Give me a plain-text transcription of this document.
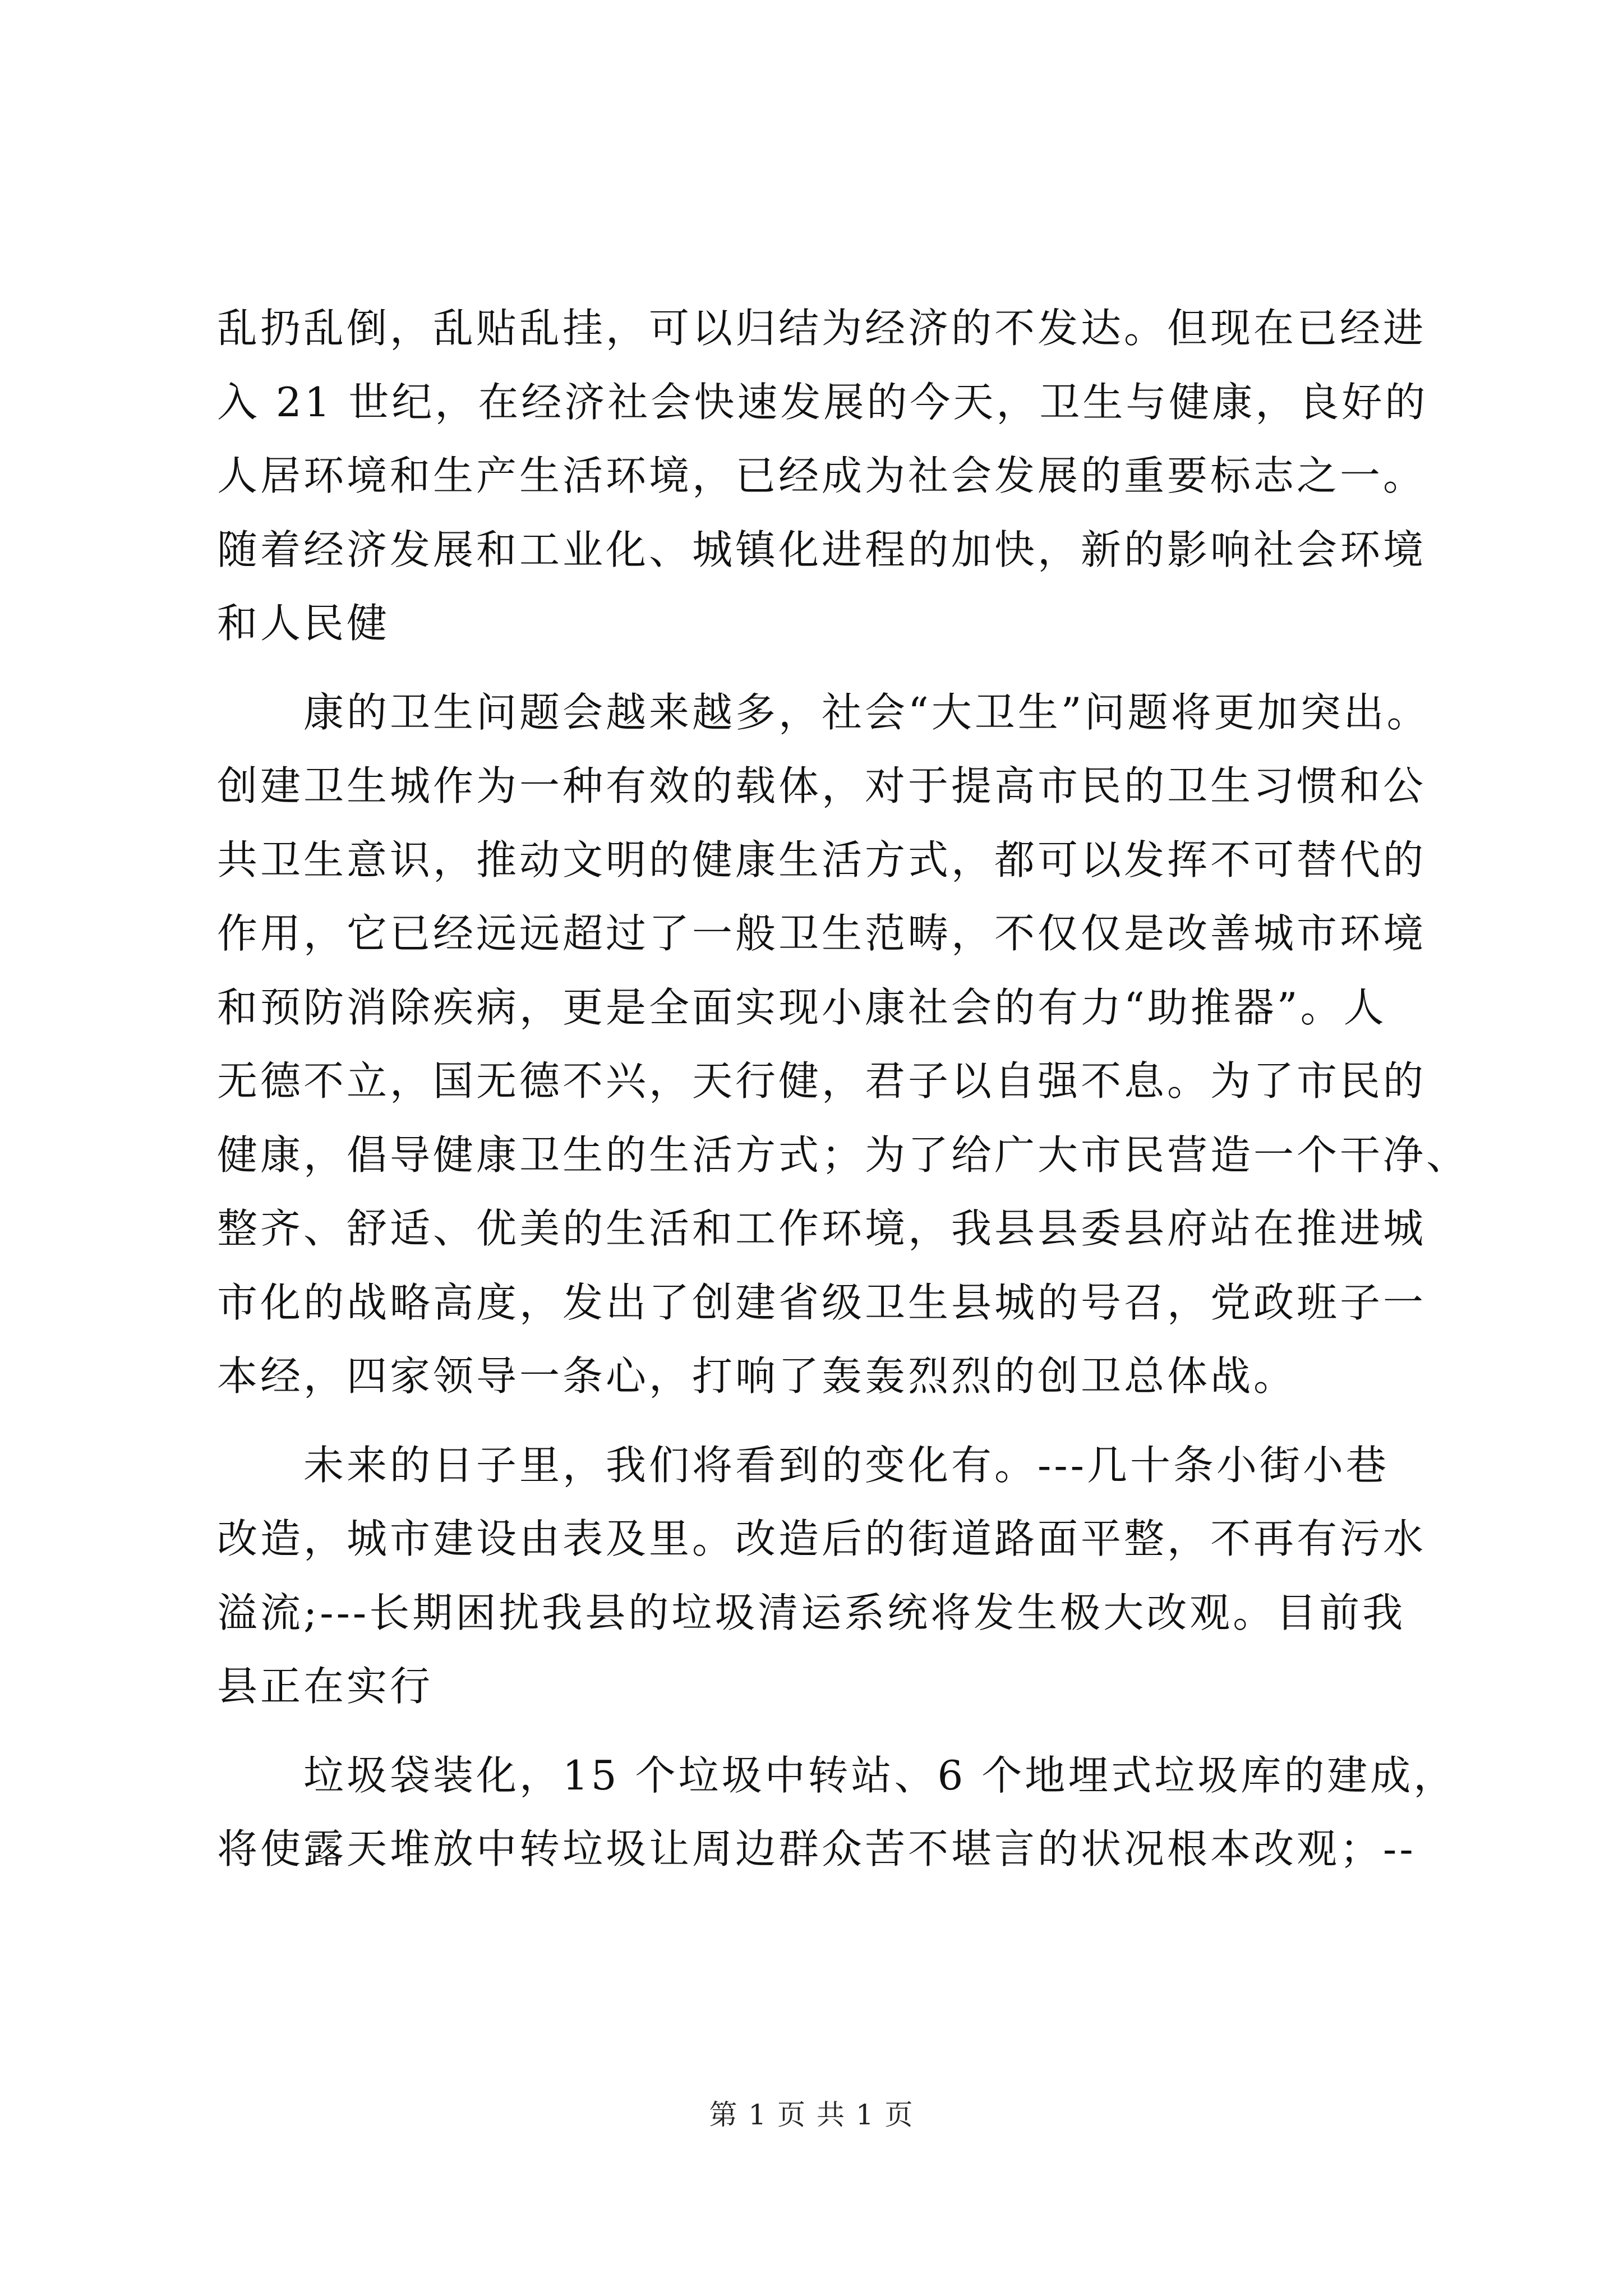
乱扔乱倒，乱贴乱挂，可以归结为经济的不发达。但现在已经进
入 21 世纪，在经济社会快速发展的今天，卫生与健康，良好的
人居环境和生产生活环境，已经成为社会发展的重要标志之一。
随着经济发展和工业化、城镇化进程的加快，新的影响社会环境
和人民健
　　康的卫生问题会越来越多，社会“大卫生”问题将更加突出。
创建卫生城作为一种有效的载体，对于提高市民的卫生习惯和公
共卫生意识，推动文明的健康生活方式，都可以发挥不可替代的
作用，它已经远远超过了一般卫生范畴，不仅仅是改善城市环境
和预防消除疾病，更是全面实现小康社会的有力“助推器”。人
无德不立，国无德不兴，天行健，君子以自强不息。为了市民的
健康，倡导健康卫生的生活方式；为了给广大市民营造一个干净、
整齐、舒适、优美的生活和工作环境，我县县委县府站在推进城
市化的战略高度，发出了创建省级卫生县城的号召，党政班子一
本经，四家领导一条心，打响了轰轰烈烈的创卫总体战。
　　未来的日子里，我们将看到的变化有。---几十条小街小巷
改造，城市建设由表及里。改造后的街道路面平整，不再有污水
溢流;---长期困扰我县的垃圾清运系统将发生极大改观。目前我
县正在实行
　　垃圾袋装化，15 个垃圾中转站、6 个地埋式垃圾库的建成，
将使露天堆放中转垃圾让周边群众苦不堪言的状况根本改观；--
第 1 页 共 1 页
